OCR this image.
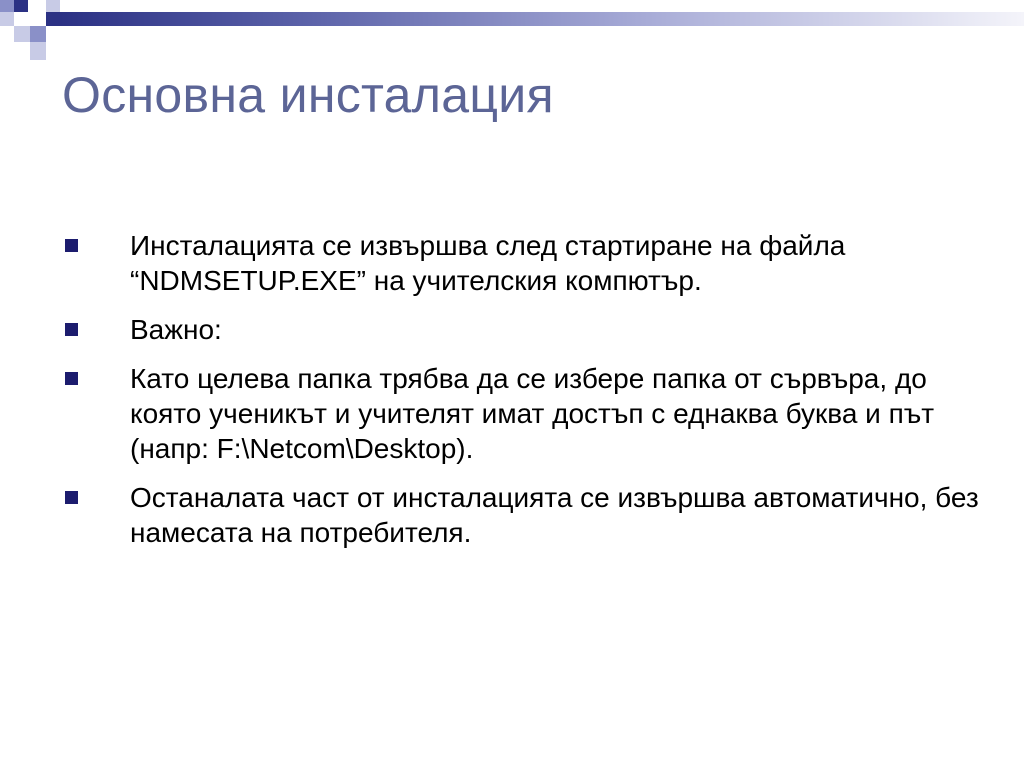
Основна инсталация
Инсталацията се извършва след стартиране на файла “NDMSETUP.EXE” на учителския компютър.
Важно:
Като целева папка трябва да се избере папка от сървъра, до която ученикът и учителят имат достъп с еднаква буква и път (напр: F:\Netcom\Desktop).
Останалата част от инсталацията се извършва автоматично, без намесата на потребителя.
